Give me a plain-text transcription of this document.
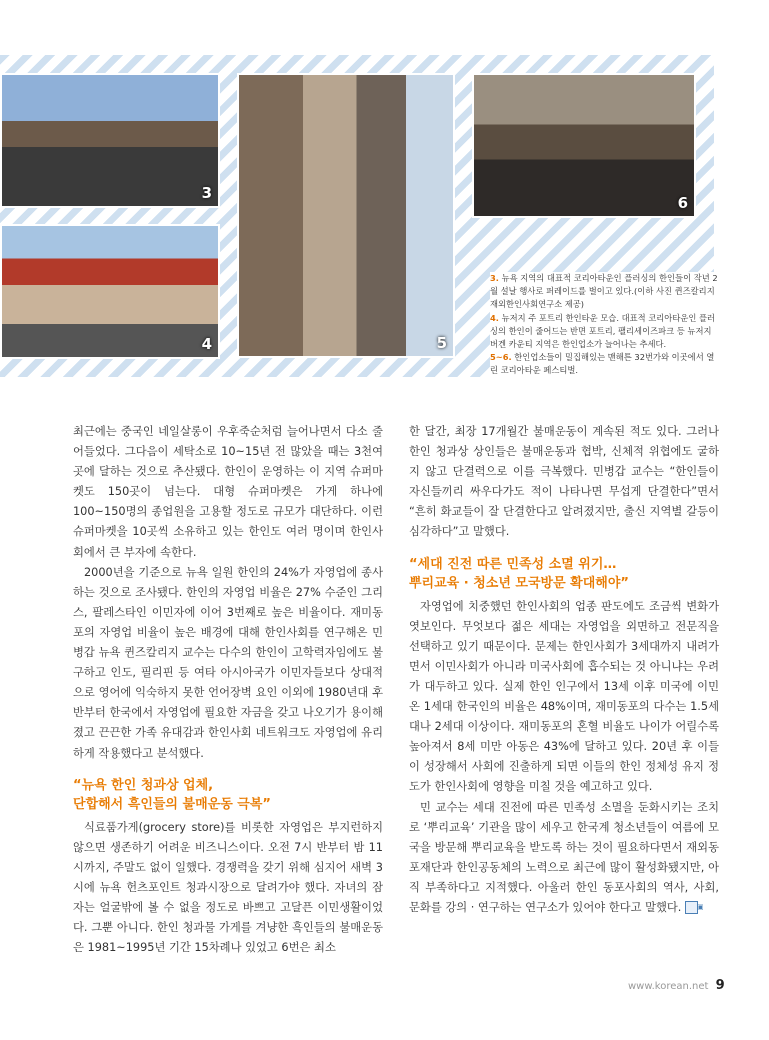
3
4	5
6

3. 뉴욕 지역의 대표적 코리아타운인 플러싱의 한인들이 작년 2월 설날 행사로 퍼레이드를 벌이고 있다.(이하 사진 퀸즈칼리지 재외한인사회연구소 제공)

4. 뉴저지 주 포트리 한인타운 모습. 대표적 코리아타운인 플러싱의 한인이 줄어드는 반면 포트리, 팰리세이즈파크 등 뉴저지 버겐 카운티 지역은 한인업소가 늘어나는 추세다.

5~6. 한인업소들이 밀집해있는 맨해튼 32번가와 이곳에서 열린 코리아타운 페스티벌.

최근에는 중국인 네일살롱이 우후죽순처럼 늘어나면서 다소 줄어들었다. 그다음이 세탁소로 10~15년 전 많았을 때는 3천여 곳에 달하는 것으로 추산됐다. 한인이 운영하는 이 지역 슈퍼마켓도 150곳이 넘는다. 대형 슈퍼마켓은 가게 하나에 100~150명의 종업원을 고용할 정도로 규모가 대단하다. 이런 슈퍼마켓을 10곳씩 소유하고 있는 한인도 여러 명이며 한인사회에서 큰 부자에 속한다.

2000년을 기준으로 뉴욕 일원 한인의 24%가 자영업에 종사하는 것으로 조사됐다. 한인의 자영업 비율은 27% 수준인 그리스, 팔레스타인 이민자에 이어 3번째로 높은 비율이다. 재미동포의 자영업 비율이 높은 배경에 대해 한인사회를 연구해온 민병갑 뉴욕 퀸즈칼리지 교수는 다수의 한인이 고학력자임에도 불구하고 인도, 필리핀 등 여타 아시아국가 이민자들보다 상대적으로 영어에 익숙하지 못한 언어장벽 요인 이외에 1980년대 후반부터 한국에서 자영업에 필요한 자금을 갖고 나오기가 용이해졌고 끈끈한 가족 유대감과 한인사회 네트워크도 자영업에 유리하게 작용했다고 분석했다.

“뉴욕 한인 청과상 업체,
단합해서 흑인들의 불매운동 극복”

식료품가게(grocery store)를 비롯한 자영업은 부지런하지 않으면 생존하기 어려운 비즈니스이다. 오전 7시 반부터 밤 11시까지, 주말도 없이 일했다. 경쟁력을 갖기 위해 심지어 새벽 3시에 뉴욕 헌츠포인트 청과시장으로 달려가야 했다. 자녀의 잠자는 얼굴밖에 볼 수 없을 정도로 바쁘고 고달픈 이민생활이었다. 그뿐 아니다. 한인 청과물 가게를 겨냥한 흑인들의 불매운동은 1981~1995년 기간 15차례나 있었고 6번은 최소

한 달간, 최장 17개월간 불매운동이 계속된 적도 있다. 그러나 한인 청과상 상인들은 불매운동과 협박, 신체적 위협에도 굴하지 않고 단결력으로 이를 극복했다. 민병갑 교수는 “한인들이 자신들끼리 싸우다가도 적이 나타나면 무섭게 단결한다”면서 “흔히 화교들이 잘 단결한다고 알려졌지만, 출신 지역별 갈등이 심각하다”고 말했다.

“세대 진전 따른 민족성 소멸 위기…
뿌리교육 · 청소년 모국방문 확대해야”

자영업에 치중했던 한인사회의 업종 판도에도 조금씩 변화가 엿보인다. 무엇보다 젊은 세대는 자영업을 외면하고 전문직을 선택하고 있기 때문이다. 문제는 한인사회가 3세대까지 내려가면서 이민사회가 아니라 미국사회에 흡수되는 것 아니냐는 우려가 대두하고 있다. 실제 한인 인구에서 13세 이후 미국에 이민 온 1세대 한국인의 비율은 48%이며, 재미동포의 다수는 1.5세대나 2세대 이상이다. 재미동포의 혼혈 비율도 나이가 어릴수록 높아져서 8세 미만 아동은 43%에 달하고 있다. 20년 후 이들이 성장해서 사회에 진출하게 되면 이들의 한인 정체성 유지 정도가 한인사회에 영향을 미칠 것을 예고하고 있다.

민 교수는 세대 진전에 따른 민족성 소멸을 둔화시키는 조치로 ‘뿌리교육’ 기관을 많이 세우고 한국계 청소년들이 여름에 모국을 방문해 뿌리교육을 받도록 하는 것이 필요하다면서 재외동포재단과 한인공동체의 노력으로 최근에 많이 활성화됐지만, 아직 부족하다고 지적했다. 아울러 한인 동포사회의 역사, 사회, 문화를 강의 · 연구하는 연구소가 있어야 한다고 말했다. ▣

www.korean.net 9
